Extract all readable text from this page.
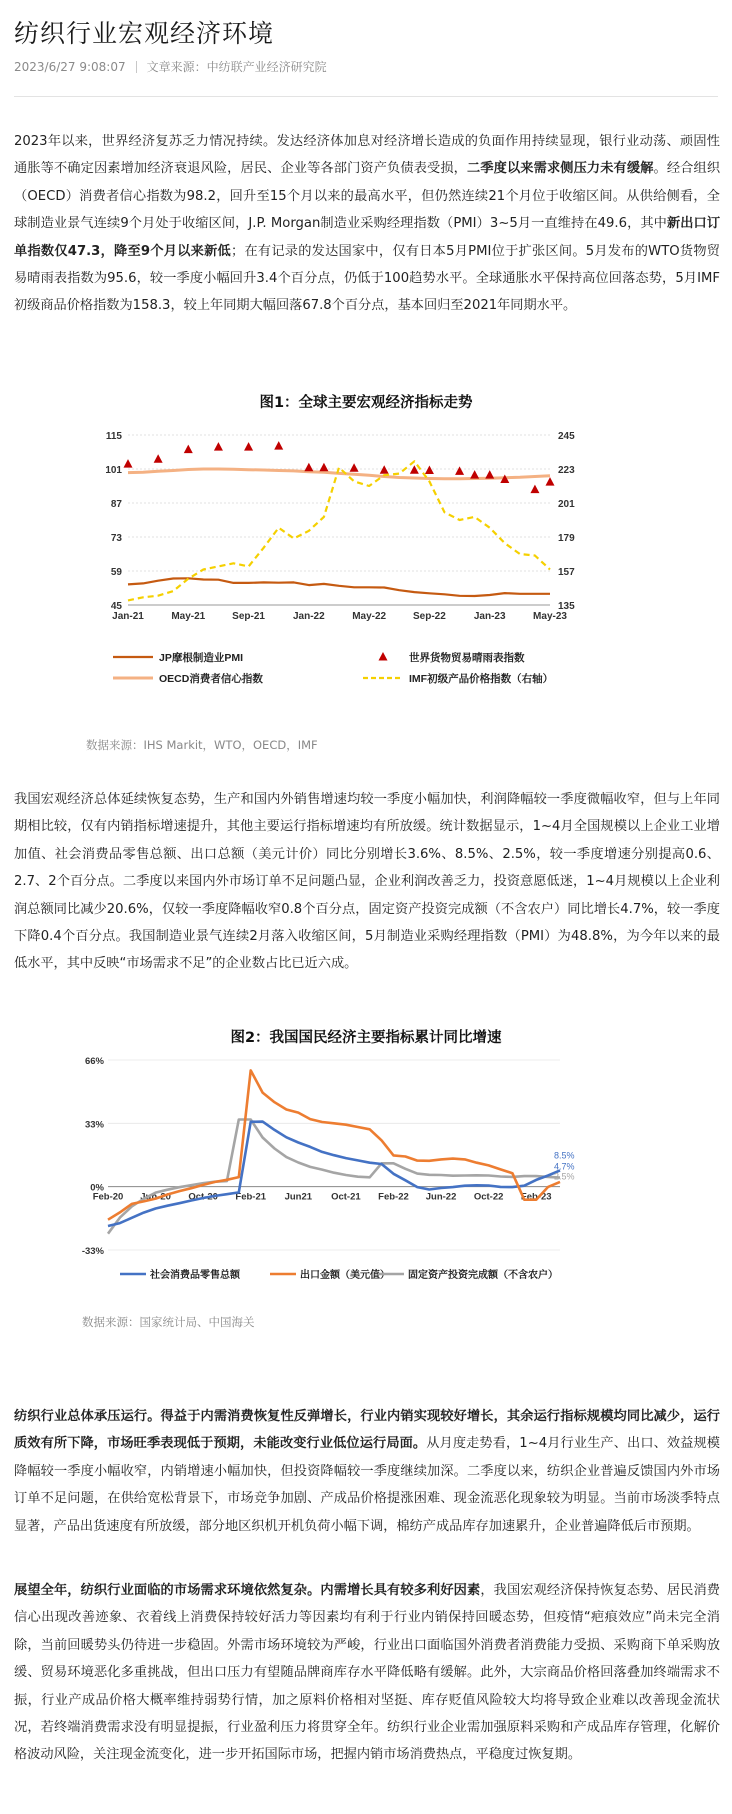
纺织行业宏观经济环境
2023/6/27 9:08:07 文章来源：中纺联产业经济研究院

2023年以来，世界经济复苏乏力情况持续。发达经济体加息对经济增长造成的负面作用持续显现，银行业动荡、顽固性通胀等不确定因素增加经济衰退风险，居民、企业等各部门资产负债表受损，二季度以来需求侧压力未有缓解。经合组织（OECD）消费者信心指数为98.2，回升至15个月以来的最高水平，但仍然连续21个月位于收缩区间。从供给侧看，全球制造业景气连续9个月处于收缩区间，J.P. Morgan制造业采购经理指数（PMI）3~5月一直维持在49.6，其中新出口订单指数仅47.3，降至9个月以来新低；在有记录的发达国家中，仅有日本5月PMI位于扩张区间。5月发布的WTO货物贸易晴雨表指数为95.6，较一季度小幅回升3.4个百分点，仍低于100趋势水平。全球通胀水平保持高位回落态势，5月IMF初级商品价格指数为158.3，较上年同期大幅回落67.8个百分点，基本回归至2021年同期水平。

图1：全球主要宏观经济指标走势
115
101
87
73
59
45
245
223
201
179
157
135
Jan-21	May-21	Sep-21	Jan-22	May-22	Sep-22	Jan-23	May-23
JP摩根制造业PMI
OECD消费者信心指数
世界货物贸易晴雨表指数
IMF初级产品价格指数（右轴）
数据来源：IHS Markit，WTO，OECD，IMF

我国宏观经济总体延续恢复态势，生产和国内外销售增速均较一季度小幅加快，利润降幅较一季度微幅收窄，但与上年同期相比较，仅有内销指标增速提升，其他主要运行指标增速均有所放缓。统计数据显示，1~4月全国规模以上企业工业增加值、社会消费品零售总额、出口总额（美元计价）同比分别增长3.6%、8.5%、2.5%，较一季度增速分别提高0.6、2.7、2个百分点。二季度以来国内外市场订单不足问题凸显，企业利润改善乏力，投资意愿低迷，1~4月规模以上企业利润总额同比减少20.6%，仅较一季度降幅收窄0.8个百分点，固定资产投资完成额（不含农户）同比增长4.7%，较一季度下降0.4个百分点。我国制造业景气连续2月落入收缩区间，5月制造业采购经理指数（PMI）为48.8%，为今年以来的最低水平，其中反映“市场需求不足”的企业数占比已近六成。

图2：我国国民经济主要指标累计同比增速
66%
33%
0%
-33%
Feb-20 Jun-20 Oct-20 Feb-21 Jun21 Oct-21 Feb-22 Jun-22 Oct-22 Feb-23
8.5%
4.7%
2.5%
社会消费品零售总额	出口金额（美元值） 固定资产投资完成额（不含农户）
数据来源：国家统计局、中国海关

纺织行业总体承压运行。得益于内需消费恢复性反弹增长，行业内销实现较好增长，其余运行指标规模均同比减少，运行质效有所下降，市场旺季表现低于预期，未能改变行业低位运行局面。从月度走势看，1~4月行业生产、出口、效益规模降幅较一季度小幅收窄，内销增速小幅加快，但投资降幅较一季度继续加深。二季度以来，纺织企业普遍反馈国内外市场订单不足问题，在供给宽松背景下，市场竞争加剧、产成品价格提涨困难、现金流恶化现象较为明显。当前市场淡季特点显著，产品出货速度有所放缓，部分地区织机开机负荷小幅下调，棉纺产成品库存加速累升，企业普遍降低后市预期。

展望全年，纺织行业面临的市场需求环境依然复杂。内需增长具有较多利好因素，我国宏观经济保持恢复态势、居民消费信心出现改善迹象、衣着线上消费保持较好活力等因素均有利于行业内销保持回暖态势，但疫情“疤痕效应”尚未完全消除，当前回暖势头仍待进一步稳固。外需市场环境较为严峻，行业出口面临国外消费者消费能力受损、采购商下单采购放缓、贸易环境恶化多重挑战，但出口压力有望随品牌商库存水平降低略有缓解。此外，大宗商品价格回落叠加终端需求不振，行业产成品价格大概率维持弱势行情，加之原料价格相对坚挺、库存贬值风险较大均将导致企业难以改善现金流状况，若终端消费需求没有明显提振，行业盈利压力将贯穿全年。纺织行业企业需加强原料采购和产成品库存管理，化解价格波动风险，关注现金流变化，进一步开拓国际市场，把握内销市场消费热点，平稳度过恢复期。
